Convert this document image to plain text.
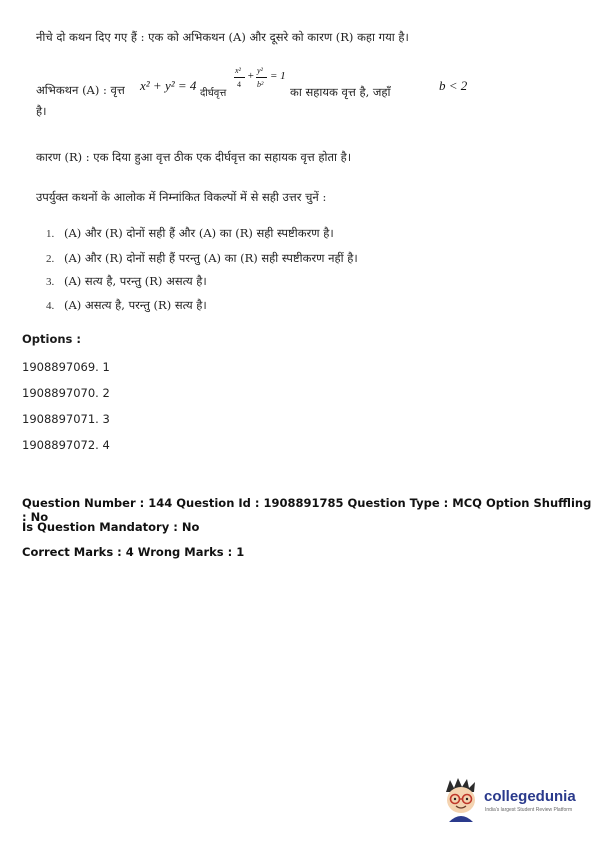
नीचे दो कथन दिए गए हैं : एक को अभिकथन (A) और दूसरे को कारण (R) कहा गया है।
अभिकथन (A) : वृत्त x² + y² = 4
दीर्घवृत्त
x²
4
+ y²
b²
= 1
का सहायक वृत्त है, जहाँ	b < 2
है।
कारण (R) : एक दिया हुआ वृत्त ठीक एक दीर्घवृत्त का सहायक वृत्त होता है।
उपर्युक्त कथनों के आलोक में निम्नांकित विकल्पों में से सही उत्तर चुनें :
1. (A) और (R) दोनों सही हैं और (A) का (R) सही स्पष्टीकरण है।
2. (A) और (R) दोनों सही हैं परन्तु (A) का (R) सही स्पष्टीकरण नहीं है।
3. (A) सत्य है, परन्तु (R) असत्य है।
4. (A) असत्य है, परन्तु (R) सत्य है।
Options :
1908897069. 1
1908897070. 2
1908897071. 3
1908897072. 4
Question Number : 144 Question Id : 1908891785 Question Type : MCQ Option Shuffling : No
Is Question Mandatory : No
Correct Marks : 4 Wrong Marks : 1
collegedunia
India's largest Student Review Platform
